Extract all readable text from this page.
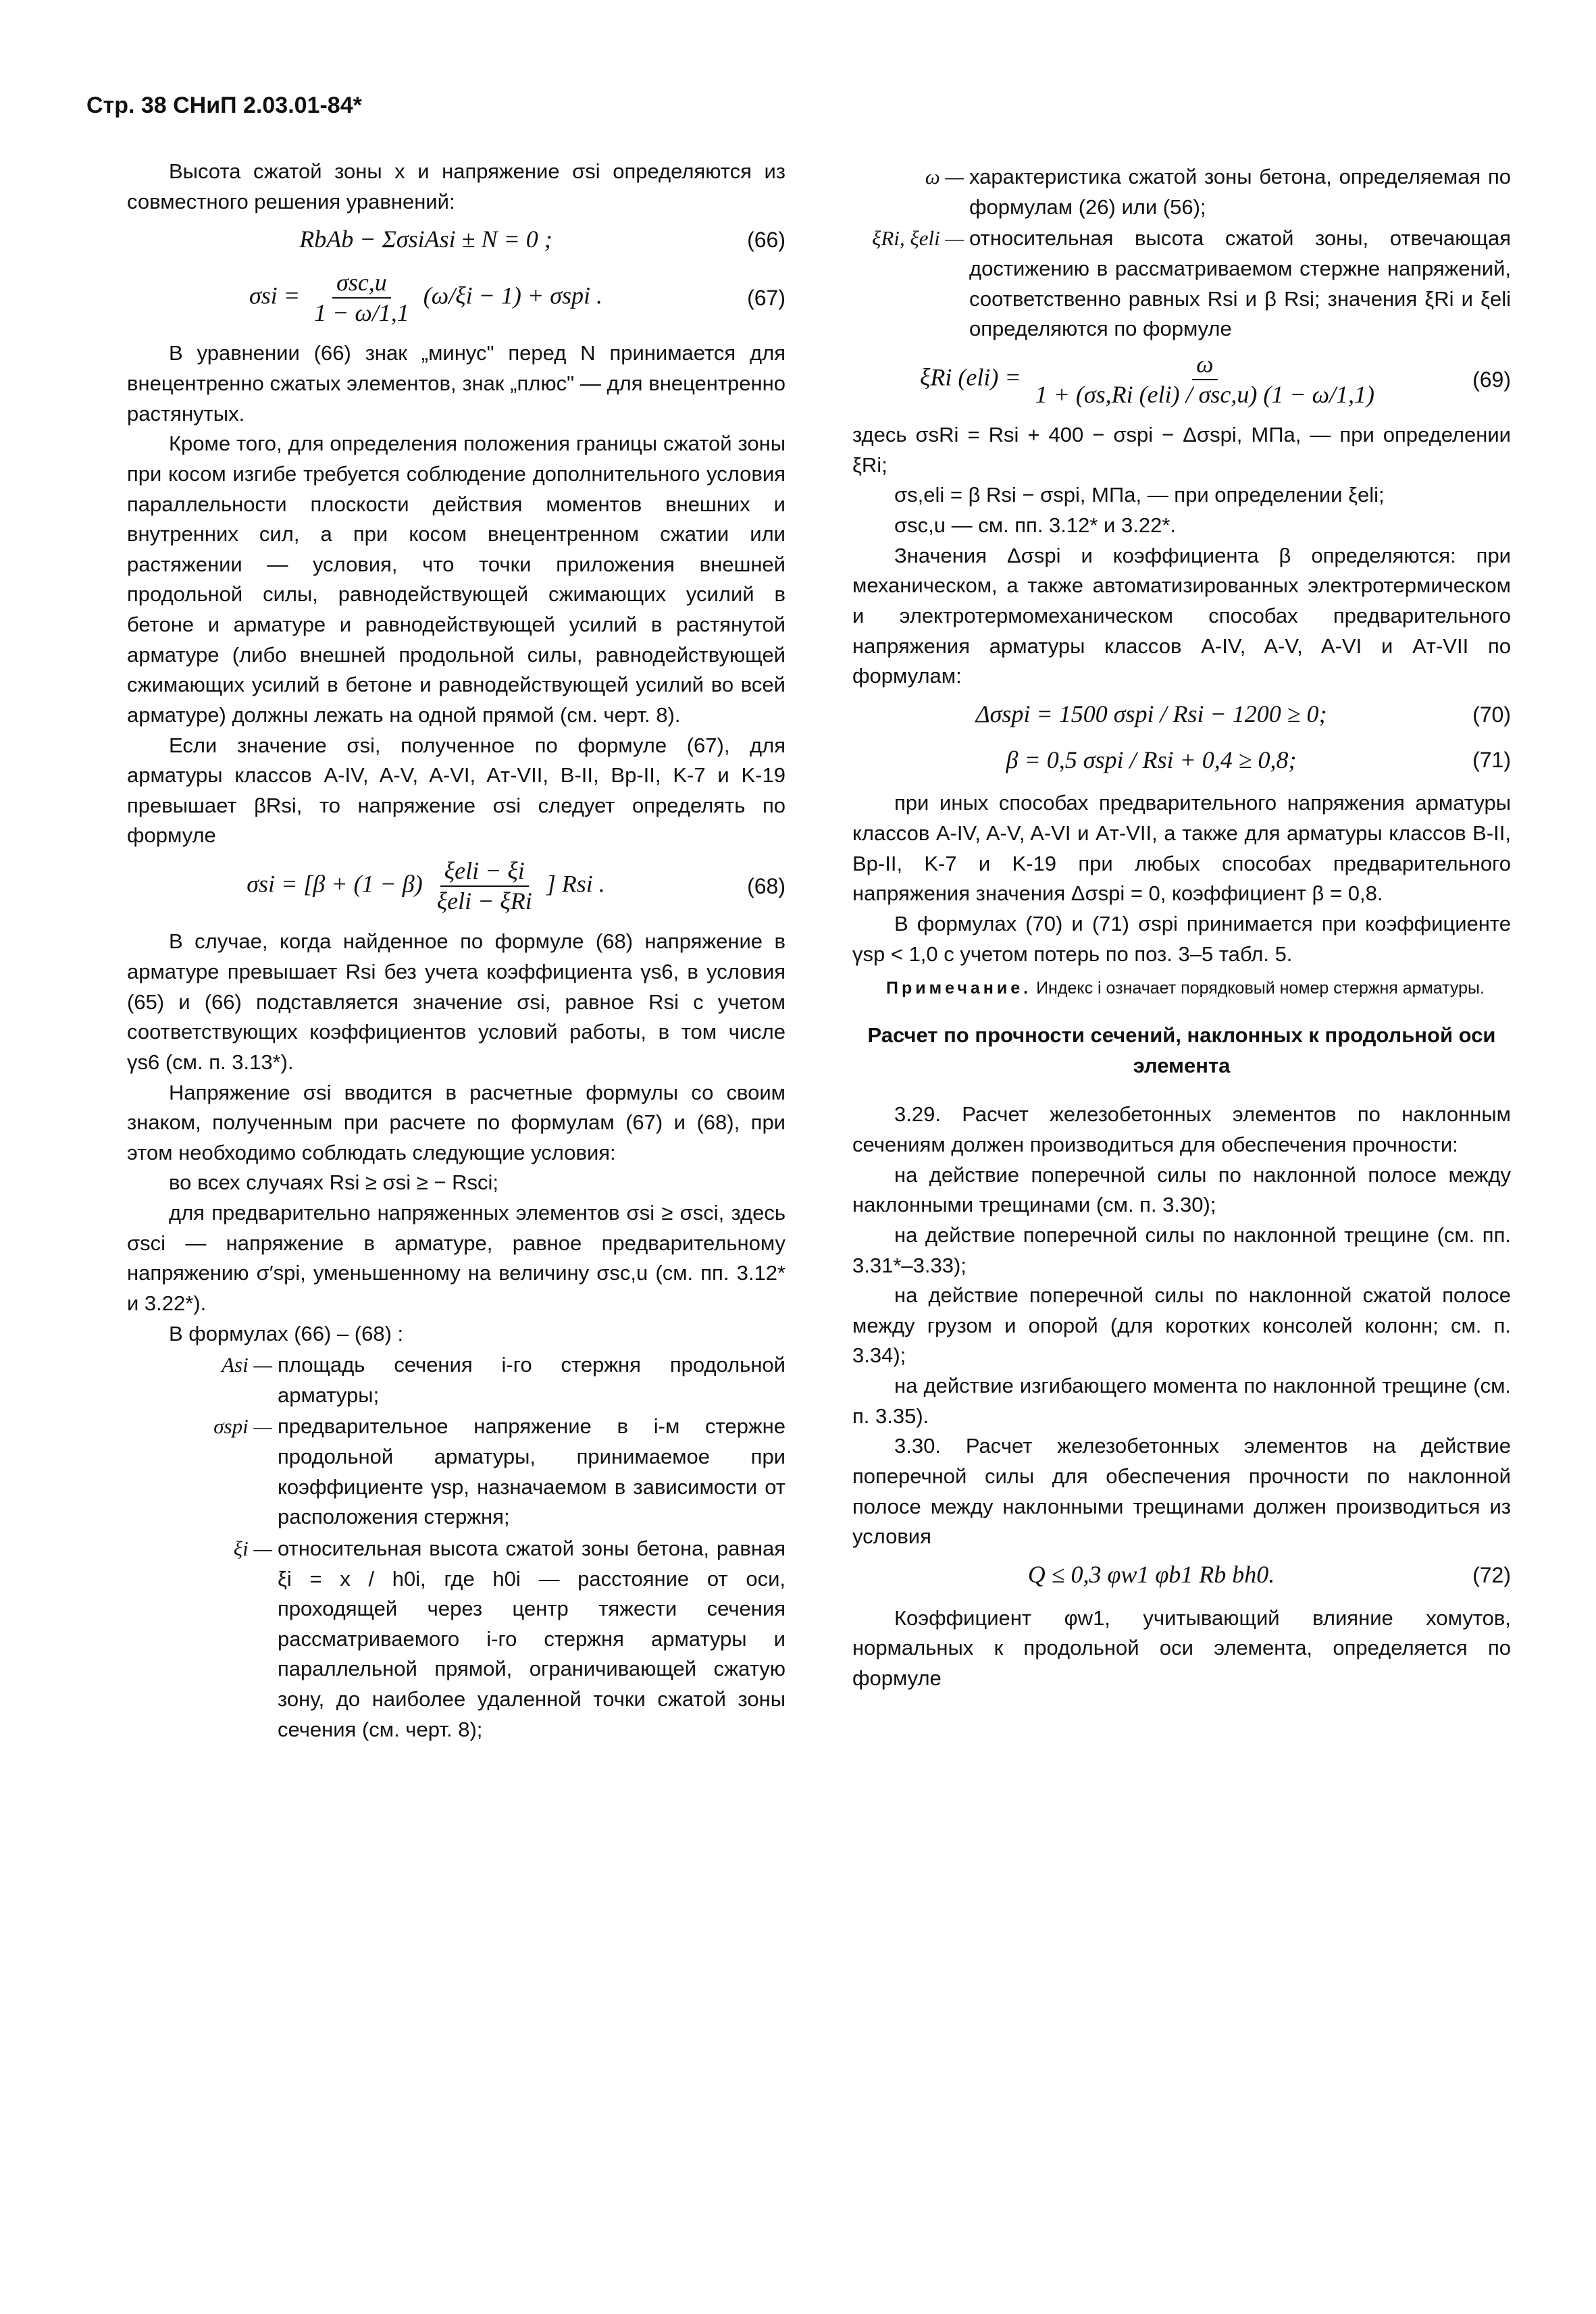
Стр. 38 СНиП 2.03.01-84*

Высота сжатой зоны x и напряжение σsi определяются из совместного решения уравнений:

RbAb − ΣσsiAsi ± N = 0 ;	(66)
σsi = σsc,u
1 − ω/1,1
(ω/ξi − 1) + σspi .	(67)

В уравнении (66) знак „минус" перед N принимается для внецентренно сжатых элементов, знак „плюс" — для внецентренно растянутых.

Кроме того, для определения положения границы сжатой зоны при косом изгибе требуется соблюдение дополнительного условия параллельности плоскости действия моментов внешних и внутренних сил, а при косом внецентренном сжатии или растяжении — условия, что точки приложения внешней продольной силы, равнодействующей сжимающих усилий в бетоне и арматуре и равнодействующей усилий в растянутой арматуре (либо внешней продольной силы, равнодействующей сжимающих усилий в бетоне и равнодействующей усилий во всей арматуре) должны лежать на одной прямой (см. черт. 8).

Если значение σsi, полученное по формуле (67), для арматуры классов A-IV, A-V, A-VI, Aт-VII, B-II, Вр-II, K-7 и K-19 превышает βRsi, то напряжение σsi следует определять по формуле

σsi = [β + (1 − β) ξeli − ξi
ξeli − ξRi
] Rsi .	(68)

В случае, когда найденное по формуле (68) напряжение в арматуре превышает Rsi без учета коэффициента γs6, в условия (65) и (66) подставляется значение σsi, равное Rsi с учетом соответствующих коэффициентов условий работы, в том числе γs6 (см. п. 3.13*).

Напряжение σsi вводится в расчетные формулы со своим знаком, полученным при расчете по формулам (67) и (68), при этом необходимо соблюдать следующие условия:

во всех случаях Rsi ≥ σsi ≥ − Rsci;

для предварительно напряженных элементов σsi ≥ σsci, здесь σsci — напряжение в арматуре, равное предварительному напряжению σ′spi, уменьшенному на величину σsc,u (см. пп. 3.12* и 3.22*).

В формулах (66) – (68) :

Asi — площадь сечения i-го стержня продольной арматуры;
σspi — предварительное напряжение в i-м стержне продольной арматуры, принимаемое при коэффициенте γsp, назначаемом в зависимости от расположения стержня;
ξi — относительная высота сжатой зоны бетона, равная ξi = x / h0i, где h0i — расстояние от оси, проходящей через центр тяжести сечения рассматриваемого i-го стержня арматуры и параллельной прямой, ограничивающей сжатую зону, до наиболее удаленной точки сжатой зоны сечения (см. черт. 8);
ω — характеристика сжатой зоны бетона, определяемая по формулам (26) или (56);
ξRi, ξeli — относительная высота сжатой зоны, отвечающая достижению в рассматриваемом стержне напряжений, соответственно равных Rsi и β Rsi; значения ξRi и ξeli определяются по формуле
ξRi (eli) =	ω
1 + (σs,Ri (eli) / σsc,u) (1 − ω/1,1)
(69)

здесь σsRi = Rsi + 400 − σspi − Δσspi, МПа, — при определении ξRi;

σs,eli = β Rsi − σspi, МПа, — при определении ξeli;

σsc,u — см. пп. 3.12* и 3.22*.

Значения Δσspi и коэффициента β определяются: при механическом, а также автоматизированных электротермическом и электротермомеханическом способах предварительного напряжения арматуры классов A-IV, A-V, A-VI и Aт-VII по формулам:

Δσspi = 1500 σspi / Rsi − 1200 ≥ 0;	(70)
β = 0,5 σspi / Rsi + 0,4 ≥ 0,8;	(71)

при иных способах предварительного напряжения арматуры классов A-IV, A-V, A-VI и Aт-VII, а также для арматуры классов B-II, Bр-II, K-7 и K-19 при любых способах предварительного напряжения значения Δσspi = 0, коэффициент β = 0,8.

В формулах (70) и (71) σspi принимается при коэффициенте γsp < 1,0 с учетом потерь по поз. 3–5 табл. 5.

Примечание. Индекс i означает порядковый номер стержня арматуры.

Расчет по прочности сечений, наклонных к продольной оси элемента

3.29. Расчет железобетонных элементов по наклонным сечениям должен производиться для обеспечения прочности:

на действие поперечной силы по наклонной полосе между наклонными трещинами (см. п. 3.30);

на действие поперечной силы по наклонной трещине (см. пп. 3.31*–3.33);

на действие поперечной силы по наклонной сжатой полосе между грузом и опорой (для коротких консолей колонн; см. п. 3.34);

на действие изгибающего момента по наклонной трещине (см. п. 3.35).

3.30. Расчет железобетонных элементов на действие поперечной силы для обеспечения прочности по наклонной полосе между наклонными трещинами должен производиться из условия

Q ≤ 0,3 φw1 φb1 Rb bh0.	(72)

Коэффициент φw1, учитывающий влияние хомутов, нормальных к продольной оси элемента, определяется по формуле
